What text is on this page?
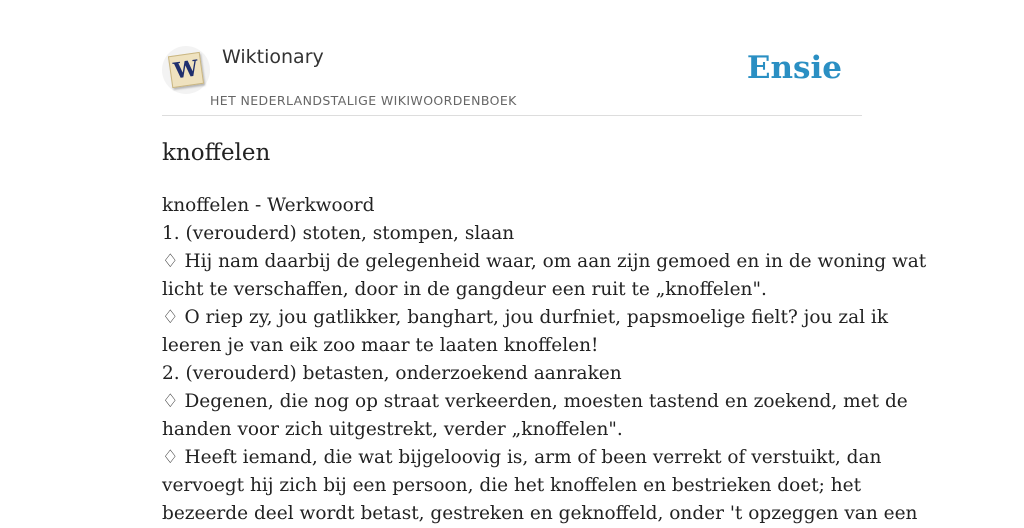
W Wiktionary
HET NEDERLANDSTALIGE WIKIWOORDENBOEK
Ensie
knoffelen
knoffelen - Werkwoord
1. (verouderd) stoten, stompen, slaan
♢ Hij nam daarbij de gelegenheid waar, om aan zijn gemoed en in de woning wat
licht te verschaffen, door in de gangdeur een ruit te „knoffelen".
♢ O riep zy, jou gatlikker, banghart, jou durfniet, papsmoelige fielt? jou zal ik
leeren je van eik zoo maar te laaten knoffelen!
2. (verouderd) betasten, onderzoekend aanraken
♢ Degenen, die nog op straat verkeerden, moesten tastend en zoekend, met de
handen voor zich uitgestrekt, verder „knoffelen".
♢ Heeft iemand, die wat bijgeloovig is, arm of been verrekt of verstuikt, dan
vervoegt hij zich bij een persoon, die het knoffelen en bestrieken doet; het
bezeerde deel wordt betast, gestreken en geknoffeld, onder 't opzeggen van een
